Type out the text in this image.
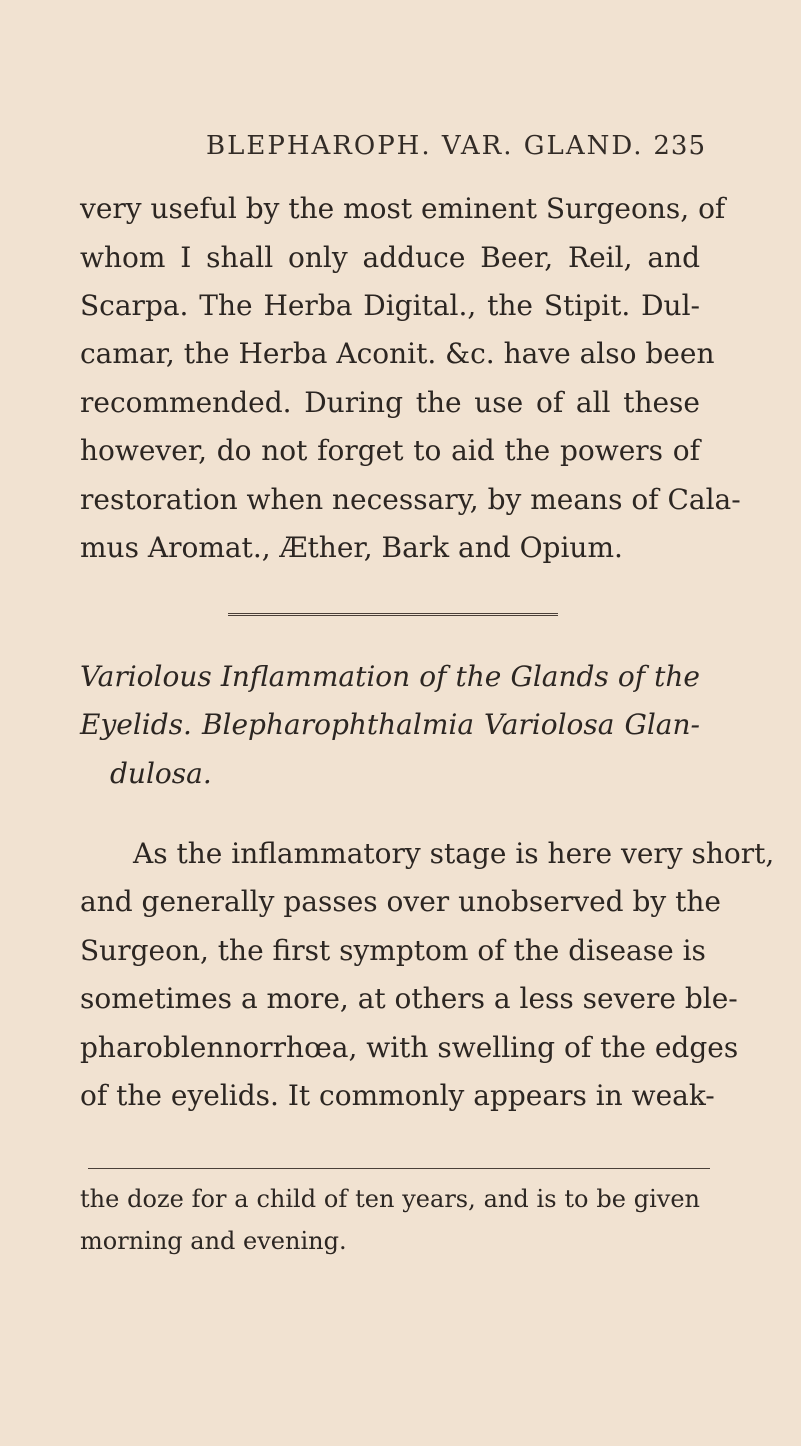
BLEPHAROPH. VAR. GLAND. 235
very useful by the most eminent Surgeons, of
whom I shall only adduce Beer, Reil, and
Scarpa. The Herba Digital., the Stipit. Dul-
camar, the Herba Aconit. &c. have also been
recommended. During the use of all these
however, do not forget to aid the powers of
restoration when necessary, by means of Cala-
mus Aromat., Æther, Bark and Opium.
Variolous Inflammation of the Glands of the
Eyelids. Blepharophthalmia Variolosa Glan-
dulosa.
As the inflammatory stage is here very short,
and generally passes over unobserved by the
Surgeon, the first symptom of the disease is
sometimes a more, at others a less severe ble-
pharoblennorrhœa, with swelling of the edges
of the eyelids. It commonly appears in weak-
the doze for a child of ten years, and is to be given
morning and evening.
